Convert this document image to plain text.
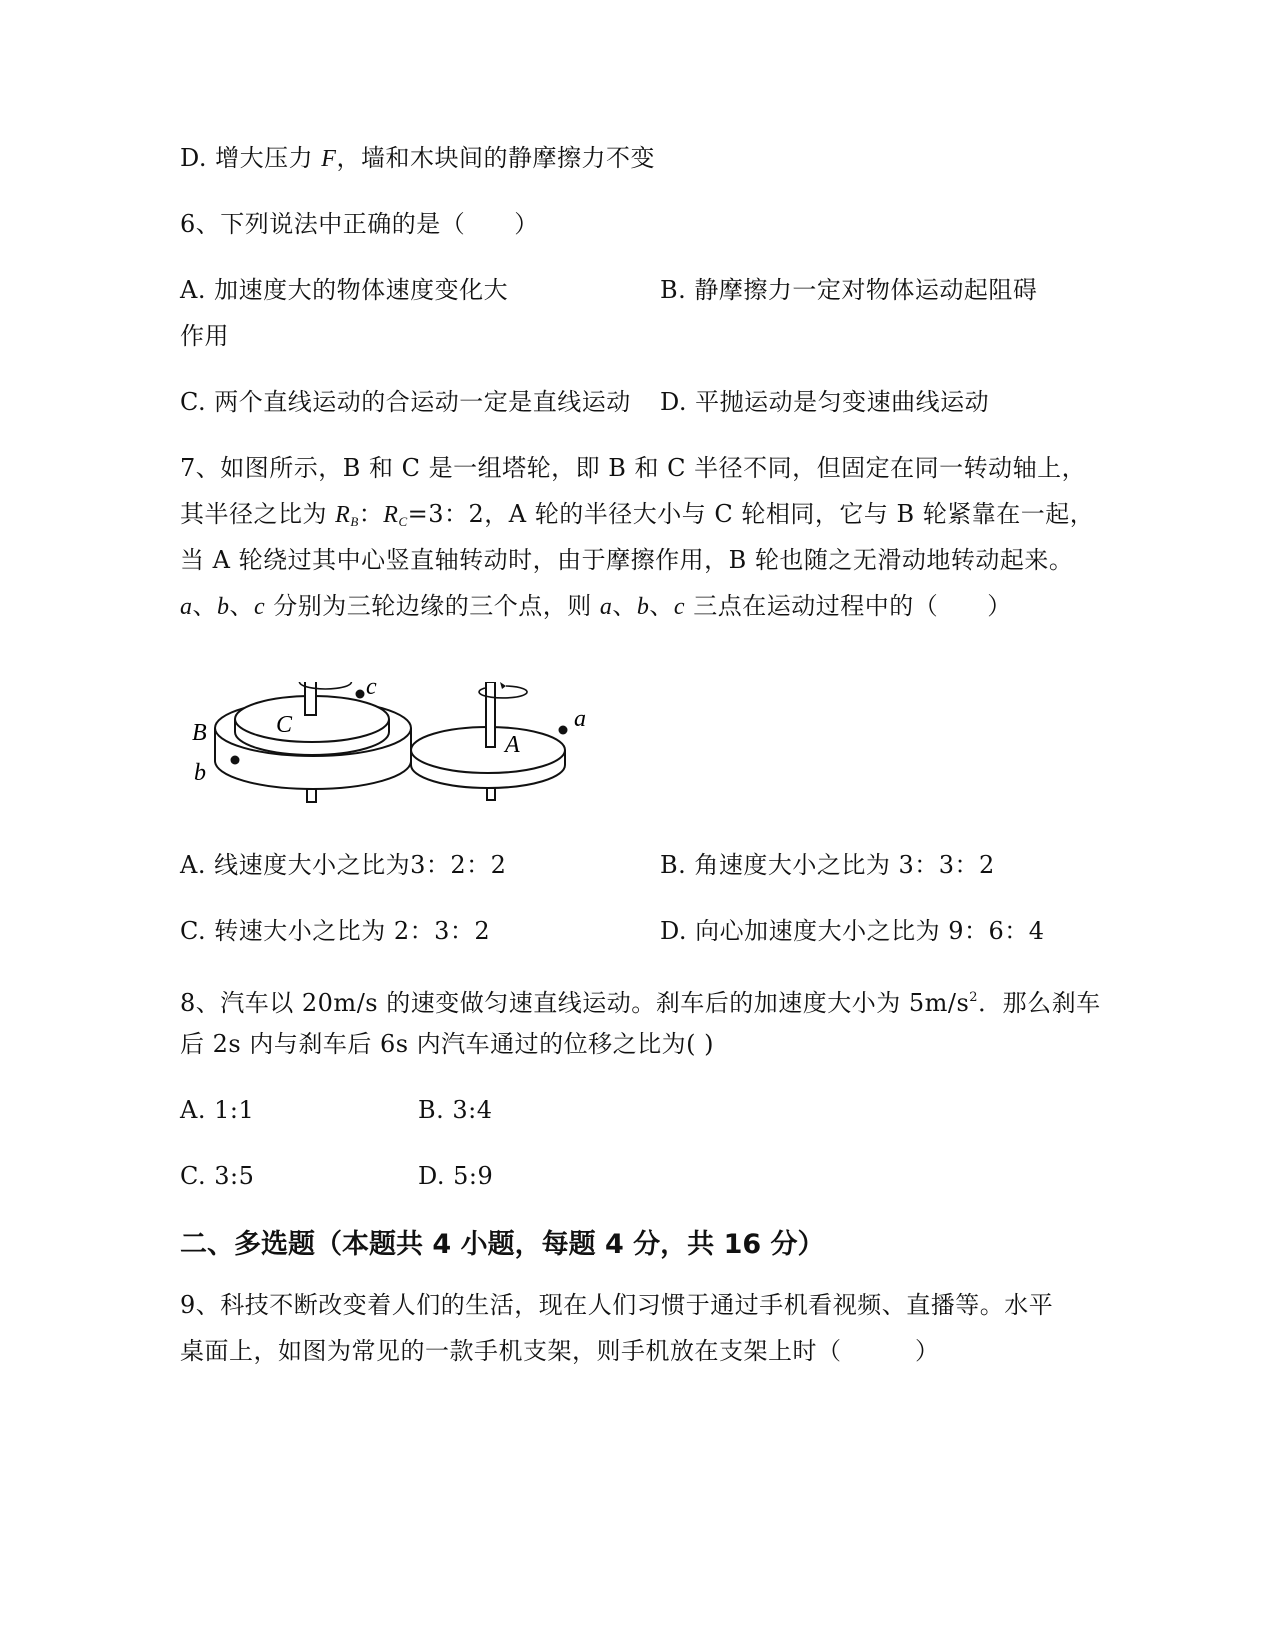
D. 增大压力 F，墙和木块间的静摩擦力不变
6、下列说法中正确的是（　　）
A. 加速度大的物体速度变化大	B. 静摩擦力一定对物体运动起阻碍
作用
C. 两个直线运动的合运动一定是直线运动 D. 平抛运动是匀变速曲线运动
7、如图所示，B 和 C 是一组塔轮，即 B 和 C 半径不同，但固定在同一转动轴上，
其半径之比为 $R_B$：$R_C=3$：2，A 轮的半径大小与 C 轮相同，它与 B 轮紧靠在一起，
当 A 轮绕过其中心竖直轴转动时，由于摩擦作用，B 轮也随之无滑动地转动起来。
a、b、c 分别为三轮边缘的三个点，则 a、b、c 三点在运动过程中的（　　）
c
C
B
b
A
a
A. 线速度大小之比为3：2：2	B. 角速度大小之比为 3：3：2
C. 转速大小之比为 2：3：2	D. 向心加速度大小之比为 9：6：4
8、汽车以 20m/s 的速变做匀速直线运动。刹车后的加速度大小为 $5m/s^2$．那么刹车
后 2s 内与刹车后 6s 内汽车通过的位移之比为( )
A. 1:1	B. 3:4
C. 3:5	D. 5:9
二、多选题（本题共 4 小题，每题 4 分，共 16 分）
9、科技不断改变着人们的生活，现在人们习惯于通过手机看视频、直播等。水平
桌面上，如图为常见的一款手机支架，则手机放在支架上时（　　　）
